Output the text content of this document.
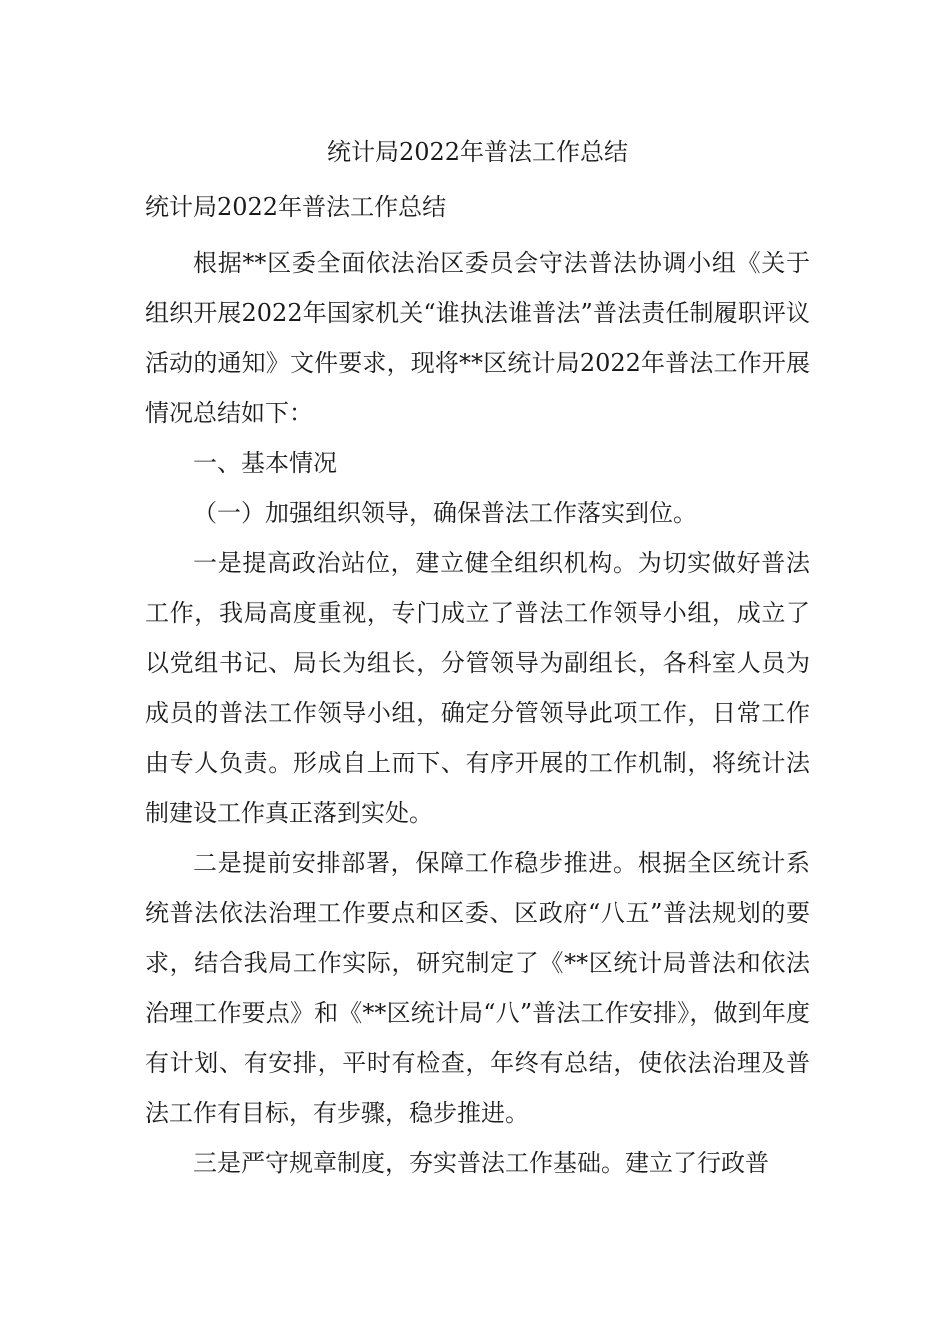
统计局2022年普法工作总结
统计局2022年普法工作总结

根据**区委全面依法治区委员会守法普法协调小组《关于组织开展2022年国家机关“谁执法谁普法”普法责任制履职评议活动的通知》文件要求，现将**区统计局2022年普法工作开展情况总结如下：

一、基本情况

（一）加强组织领导，确保普法工作落实到位。

一是提高政治站位，建立健全组织机构。为切实做好普法工作，我局高度重视，专门成立了普法工作领导小组，成立了以党组书记、局长为组长，分管领导为副组长，各科室人员为成员的普法工作领导小组，确定分管领导此项工作，日常工作由专人负责。形成自上而下、有序开展的工作机制，将统计法制建设工作真正落到实处。

二是提前安排部署，保障工作稳步推进。根据全区统计系统普法依法治理工作要点和区委、区政府“八五”普法规划的要求，结合我局工作实际，研究制定了《**区统计局普法和依法治理工作要点》和《**区统计局“八”普法工作安排》，做到年度有计划、有安排，平时有检查，年终有总结，使依法治理及普法工作有目标，有步骤，稳步推进。

三是严守规章制度，夯实普法工作基础。建立了行政普
